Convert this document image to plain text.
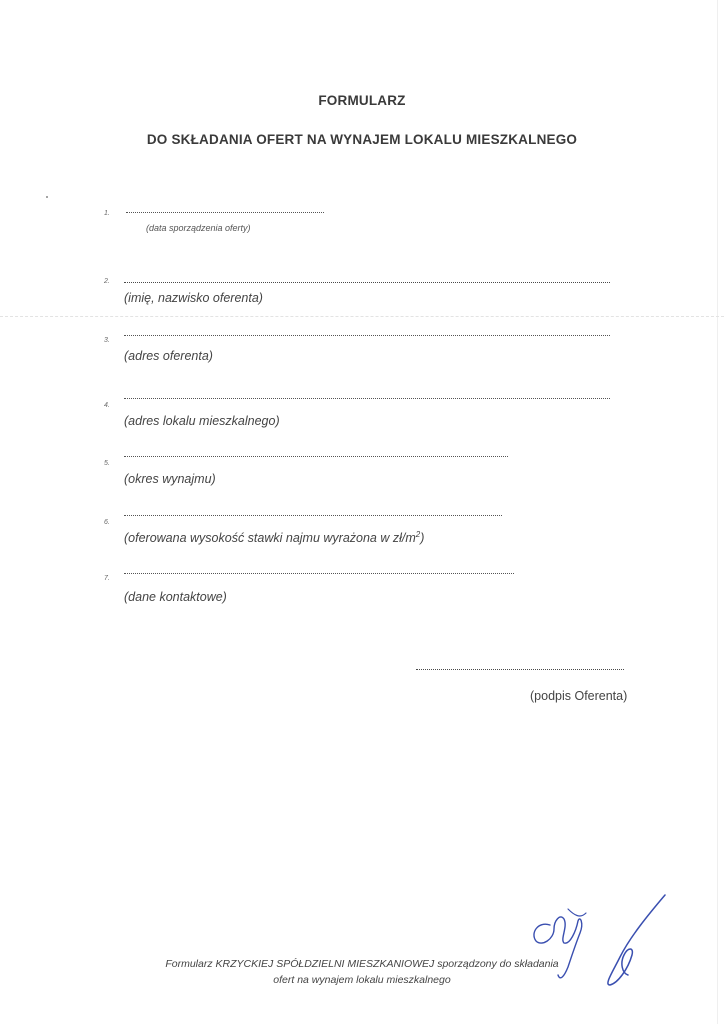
FORMULARZ
DO SKŁADANIA OFERT NA WYNAJEM LOKALU MIESZKALNEGO
1.
(data sporządzenia oferty)
2.
(imię, nazwisko oferenta)
3.
(adres oferenta)
4.
(adres lokalu mieszkalnego)
5.
(okres wynajmu)
6.
(oferowana wysokość stawki najmu wyrażona w $zł/m^2$)
7.
(dane kontaktowe)
(podpis Oferenta)
Formularz KRZYCKIEJ SPÓŁDZIELNI MIESZKANIOWEJ sporządzony do składania
ofert na wynajem lokalu mieszkalnego
